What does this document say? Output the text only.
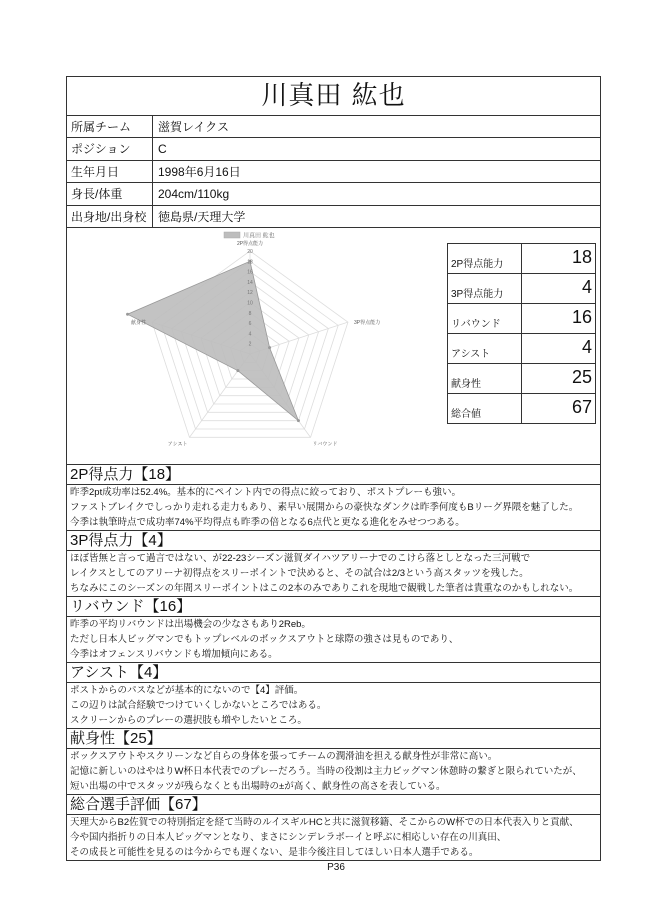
川真田 紘也
所属チーム	滋賀レイクス
ポジション	C
生年月日	1998年6月16日
身長/体重	204cm/110kg
出身地/出身校 徳島県/天理大学
2
4
6
8
10
12
14
16
18
20
2P得点能力
3P得点能力
リバウンド
アシスト
献身性
川真田 紘也
2P得点能力	18
3P得点能力	4
リバウンド	16
アシスト	4
献身性	25
総合値	67
2P得点力【18】
昨季2pt成功率は52.4%。基本的にペイント内での得点に絞っており、ポストプレーも強い。
ファストブレイクでしっかり走れる走力もあり、素早い展開からの豪快なダンクは昨季何度もBリーグ界隈を魅了した。
今季は執筆時点で成功率74%平均得点も昨季の倍となる6点代と更なる進化をみせつつある。
3P得点力【4】
ほぼ皆無と言って過言ではない、が22-23シーズン滋賀ダイハツアリーナでのこけら落としとなった三河戦で
レイクスとしてのアリーナ初得点をスリーポイントで決めると、その試合は2/3という高スタッツを残した。
ちなみにこのシーズンの年間スリーポイントはこの2本のみでありこれを現地で観戦した筆者は貴重なのかもしれない。
リバウンド【16】
昨季の平均リバウンドは出場機会の少なさもあり2Reb。
ただし日本人ビッグマンでもトップレベルのボックスアウトと球際の強さは見ものであり、
今季はオフェンスリバウンドも増加傾向にある。
アシスト【4】
ポストからのパスなどが基本的にないので【4】評価。
この辺りは試合経験でつけていくしかないところではある。
スクリーンからのプレーの選択肢も増やしたいところ。
献身性【25】
ボックスアウトやスクリーンなど自らの身体を張ってチームの潤滑油を担える献身性が非常に高い。
記憶に新しいのはやはりW杯日本代表でのプレーだろう。当時の役割は主力ビッグマン休憩時の繋ぎと限られていたが、
短い出場の中でスタッツが残らなくとも出場時の±が高く、献身性の高さを表している。
総合選手評価【67】
天理大からB2佐賀での特別指定を経て当時のルイスギルHCと共に滋賀移籍、そこからのW杯での日本代表入りと貢献、
今や国内指折りの日本人ビッグマンとなり、まさにシンデレラボーイと呼ぶに相応しい存在の川真田、
その成長と可能性を見るのは今からでも遅くない、是非今後注目してほしい日本人選手である。
P36
